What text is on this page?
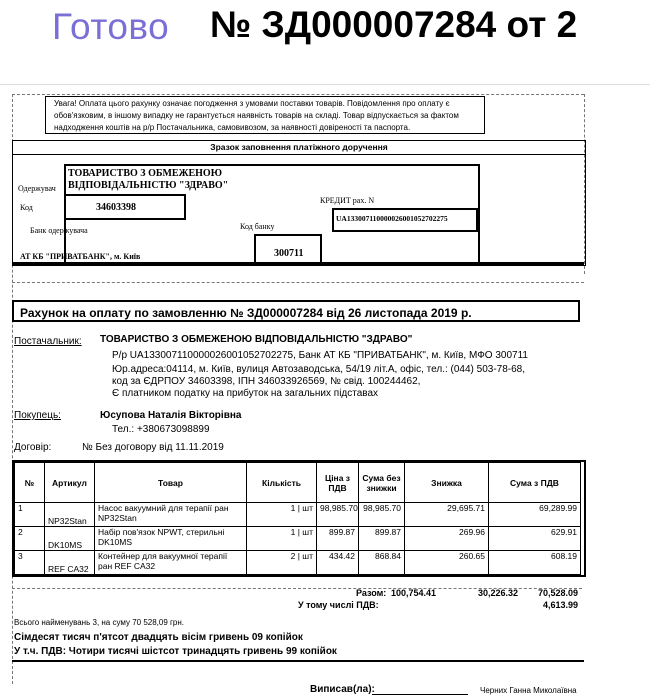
Готово № ЗД000007284 от 2
Увага! Оплата цього рахунку означає погодження з умовами поставки товарів. Повідомлення про оплату є обов'язковим, в іншому випадку не гарантується наявність товарів на складі. Товар відпускається за фактом надходження коштів на р/р Постачальника, самовивозом, за наявності довіреності та паспорта.
Зразок заповнення платіжного доручення
Одержувач
ТОВАРИСТВО З ОБМЕЖЕНОЮ ВІДПОВІДАЛЬНІСТЮ "ЗДРАВО"
Код	34603398
КРЕДИТ рах. N
UA133007110000026001052702275
Банк одержувача	Код банку
300711
АТ КБ "ПРИВАТБАНК", м. Київ
Рахунок на оплату по замовленню № ЗД000007284 від 26 листопада 2019 р.
Постачальник: ТОВАРИСТВО З ОБМЕЖЕНОЮ ВІДПОВІДАЛЬНІСТЮ "ЗДРАВО"
Р/р UA133007110000026001052702275, Банк АТ КБ "ПРИВАТБАНК", м. Київ, МФО 300711
Юр.адреса:04114, м. Київ, вулиця Автозаводська, 54/19 літ.А, офіс, тел.: (044) 503-78-68,
код за ЄДРПОУ 34603398, ІПН 346033926569, № свід. 100244462,
Є платником податку на прибуток на загальних підставах
Покупець:	Юсупова Наталія Вікторівна
Тел.: +380673098899
Договір:	№ Без договору від 11.11.2019
№	Артикул	Товар	Кількість	Ціна з ПДВ	Сума без знижки	Знижка	Сума з ПДВ
1	NP32Stan	Насос вакуумний для терапії ран NP32Stan	1 | шт	98,985.70	98,985.70	29,695.71	69,289.99
2	DK10MS	Набір пов'язок NPWT, стерильні DK10MS	1 | шт	899.87	899.87	269.96	629.91
3	REF CA32	Контейнер для вакуумної терапії ран REF CA32	2 | шт	434.42	868.84	260.65	608.19
Разом: 100,754.41	30,226.32	70,528.09
У тому числі ПДВ:	4,613.99
Всього найменувань 3, на суму 70 528,09 грн.
Сімдесят тисяч п'ятсот двадцять вісім гривень 09 копійок
У т.ч. ПДВ: Чотири тисячі шістсот тринадцять гривень 99 копійок
Виписав(ла):	Черних Ганна Миколаївна
